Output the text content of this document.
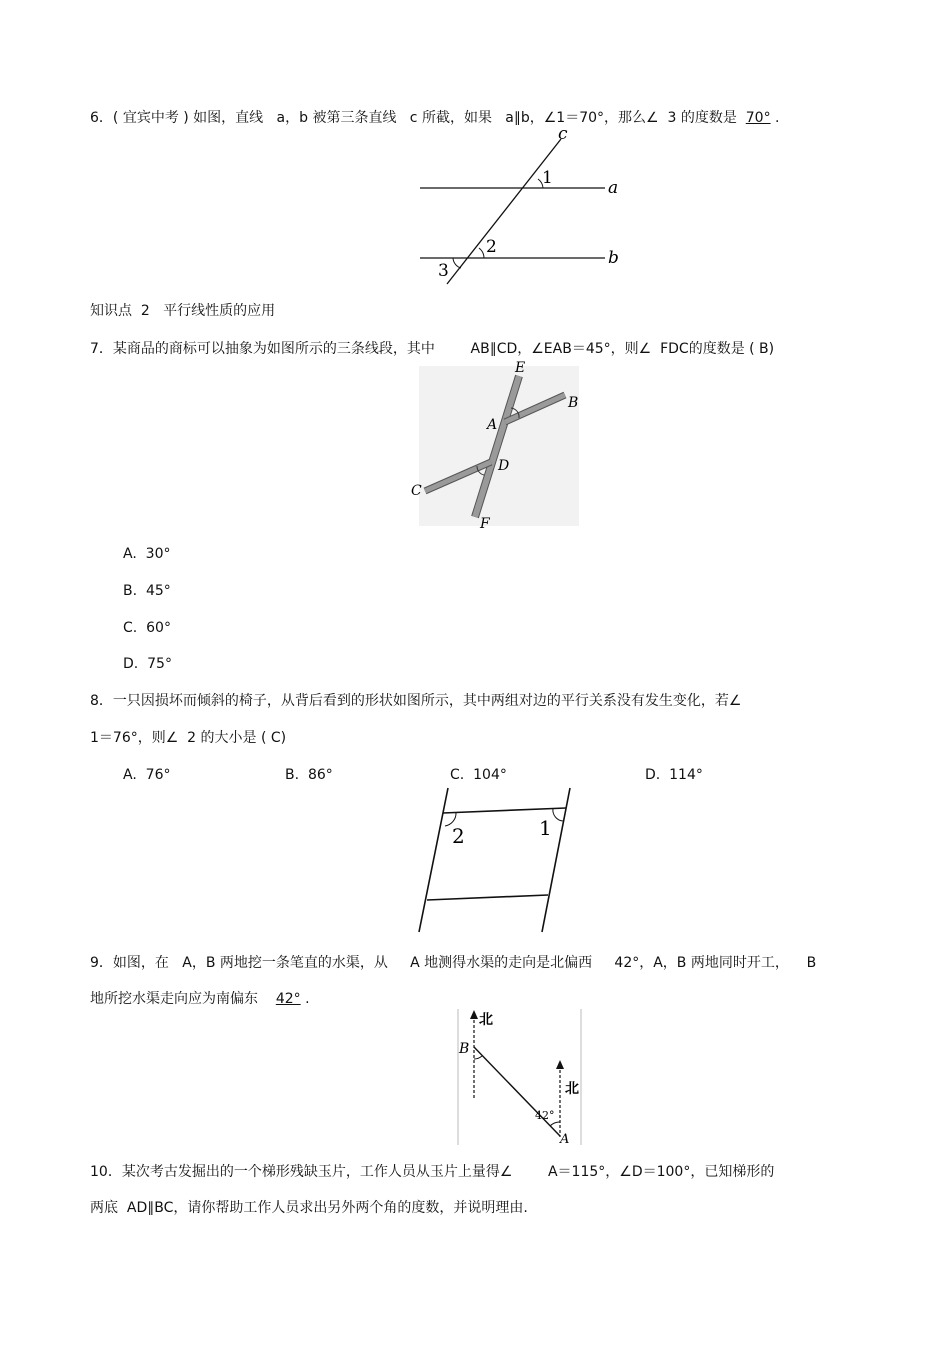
6．( 宜宾中考 ) 如图，直线   a，b 被第三条直线   c 所截，如果   a∥b，∠1＝70°，那么∠  3 的度数是  70° .
c
1	a
2
b
3
知识点  2   平行线性质的应用
7．某商品的商标可以抽象为如图所示的三条线段，其中        AB∥CD，∠EAB＝45°，则∠  FDC的度数是 ( B)
E
B
A
D
C
F
A.  30°
B.  45°
C.  60°
D.  75°
8．一只因损坏而倾斜的椅子，从背后看到的形状如图所示，其中两组对边的平行关系没有发生变化，若∠
1＝76°，则∠  2 的大小是 ( C)
A.  76°	B.  86°	C.  104°	D.  114°
2	1
9．如图，在   A，B 两地挖一条笔直的水渠，从     A 地测得水渠的走向是北偏西     42°，A，B 两地同时开工，    B
地所挖水渠走向应为南偏东    42° .
北
B
北
42°
A
10．某次考古发掘出的一个梯形残缺玉片，工作人员从玉片上量得∠        A＝115°，∠D＝100°，已知梯形的
两底  AD∥BC，请你帮助工作人员求出另外两个角的度数，并说明理由.
